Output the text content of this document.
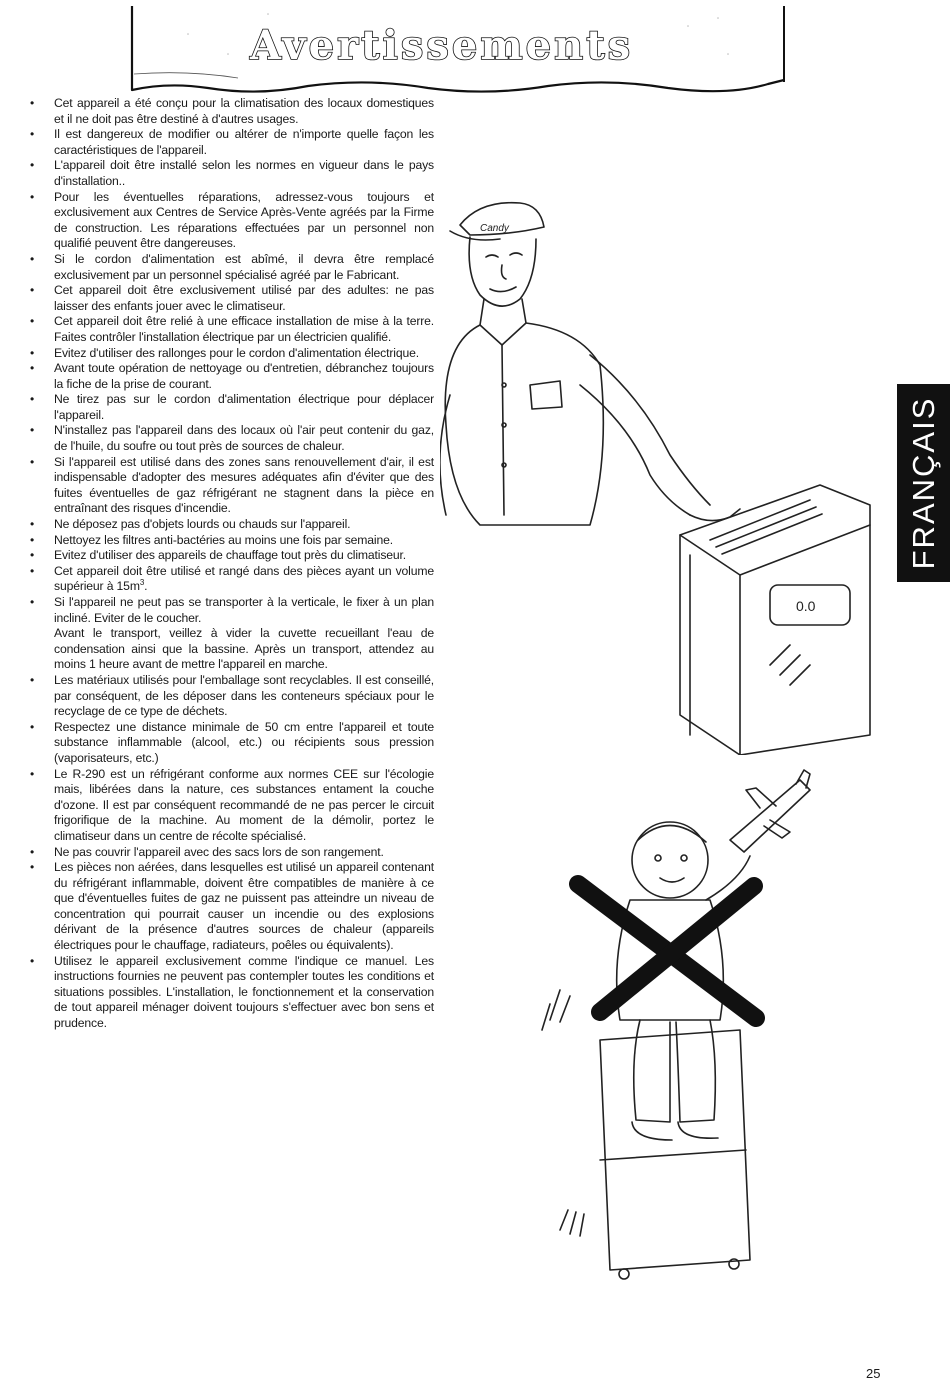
Avertissements
• Cet appareil a été conçu pour la climatisation des locaux domestiques et il ne doit pas être destiné à d'autres usages.
• Il est dangereux de modifier ou altérer de n'importe quelle façon les caractéristiques de l'appareil.
• L'appareil doit être installé selon les normes en vigueur dans le pays d'installation..
• Pour les éventuelles réparations, adressez-vous toujours et exclusivement aux Centres de Service Après-Vente agréés par la Firme de construction. Les réparations effectuées par un personnel non qualifié peuvent être dangereuses.
• Si le cordon d'alimentation est abîmé, il devra être remplacé exclusivement par un personnel spécialisé agréé par le Fabricant.
• Cet appareil doit être exclusivement utilisé par des adultes: ne pas laisser des enfants jouer avec le climatiseur.
• Cet appareil doit être relié à une efficace installation de mise à la terre. Faites contrôler l'installation électrique par un électricien qualifié.
• Evitez d'utiliser des rallonges pour le cordon d'alimentation électrique.
• Avant toute opération de nettoyage ou d'entretien, débranchez toujours la fiche de la prise de courant.
• Ne tirez pas sur le cordon d'alimentation électrique pour déplacer l'appareil.
• N'installez pas l'appareil dans des locaux où l'air peut contenir du gaz, de l'huile, du soufre ou tout près de sources de chaleur.
• Si l'appareil est utilisé dans des zones sans renouvellement d'air, il est indispensable d'adopter des mesures adéquates afin d'éviter que des fuites éventuelles de gaz réfrigérant ne stagnent dans la pièce en entraînant des risques d'incendie.
• Ne déposez pas d'objets lourds ou chauds sur l'appareil.
• Nettoyez les filtres anti-bactéries au moins une fois par semaine.
• Evitez d'utiliser des appareils de chauffage tout près du climatiseur.
• Cet appareil doit être utilisé et rangé dans des pièces ayant un volume supérieur à $15m^3$.
• Si l'appareil ne peut pas se transporter à la verticale, le fixer à un plan incliné. Eviter de le coucher.
Avant le transport, veillez à vider la cuvette recueillant l'eau de condensation ainsi que la bassine. Après un transport, attendez au moins 1 heure avant de mettre l'appareil en marche.
• Les matériaux utilisés pour l'emballage sont recyclables. Il est conseillé, par conséquent, de les déposer dans les conteneurs spéciaux pour le recyclage de ce type de déchets.
• Respectez une distance minimale de 50 cm entre l'appareil et toute substance inflammable (alcool, etc.) ou récipients sous pression (vaporisateurs, etc.)
• Le R-290 est un réfrigérant conforme aux normes CEE sur l'écologie mais, libérées dans la nature, ces substances entament la couche d'ozone. Il est par conséquent recommandé de ne pas percer le circuit frigorifique de la machine. Au moment de la démolir, portez le climatiseur dans un centre de récolte spécialisé.
• Ne pas couvrir l'appareil avec des sacs lors de son rangement.
• Les pièces non aérées, dans lesquelles est utilisé un appareil contenant du réfrigérant inflammable, doivent être compatibles de manière à ce que d'éventuelles fuites de gaz ne puissent pas atteindre un niveau de concentration qui pourrait causer un incendie ou des explosions dérivant de la présence d'autres sources de chaleur (appareils électriques pour le chauffage, radiateurs, poêles ou équivalents).
• Utilisez le appareil exclusivement comme l'indique ce manuel. Les instructions fournies ne peuvent pas contempler toutes les conditions et situations possibles. L'installation, le fonctionnement et la conservation de tout appareil ménager doivent toujours s'effectuer avec bon sens et prudence.
Candy
0.0
FRANÇAIS
25
